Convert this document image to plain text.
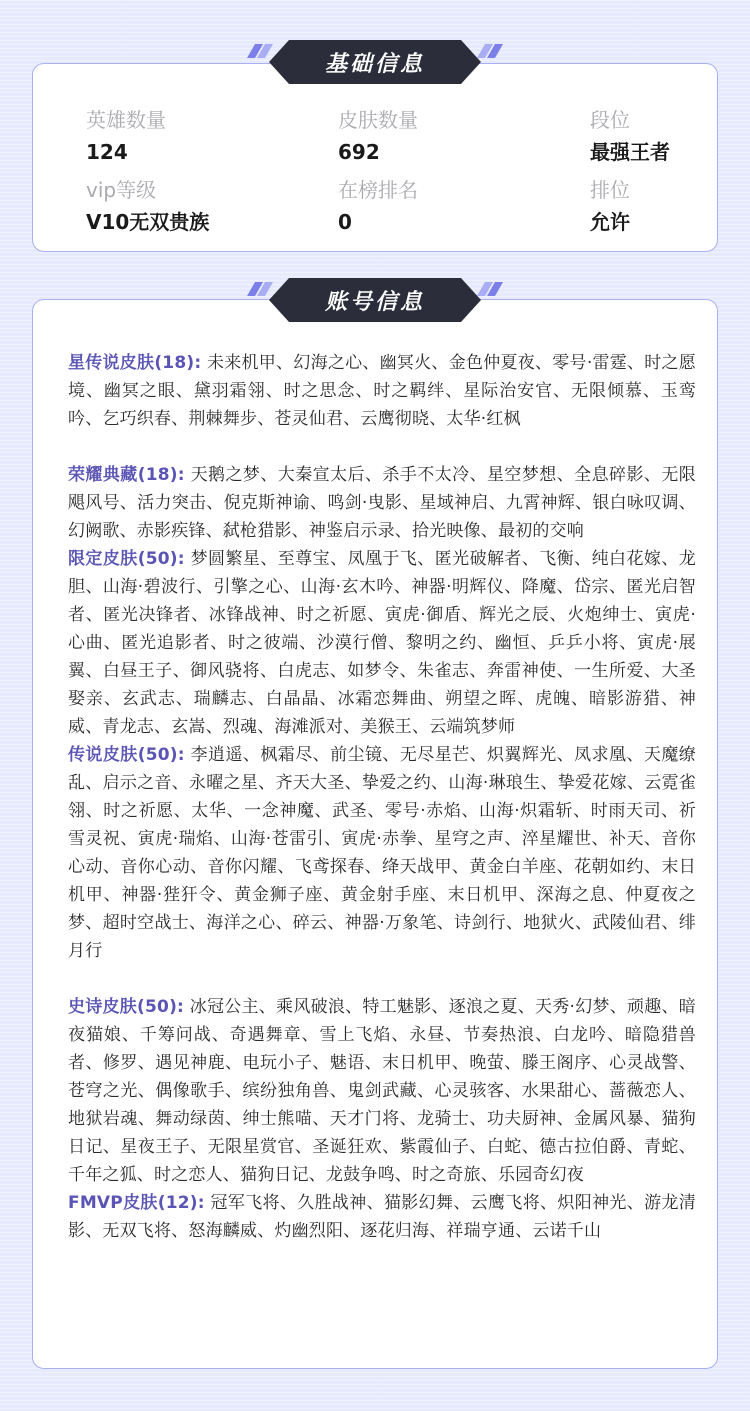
英雄数量
124
皮肤数量
692
段位
最强王者
vip等级
V10无双贵族
在榜排名
0
排位
允许
基础信息
星传说皮肤(18): 未来机甲、幻海之心、幽冥火、金色仲夏夜、零号·雷霆、时之愿境、幽冥之眼、黛羽霜翎、时之思念、时之羁绊、星际治安官、无限倾慕、玉鸾吟、乞巧织春、荆棘舞步、苍灵仙君、云鹰彻晓、太华·红枫
荣耀典藏(18): 天鹅之梦、大秦宣太后、杀手不太冷、星空梦想、全息碎影、无限飓风号、活力突击、倪克斯神谕、鸣剑·曳影、星域神启、九霄神辉、银白咏叹调、幻阙歌、赤影疾锋、弑枪猎影、神鉴启示录、拾光映像、最初的交响
限定皮肤(50): 梦圆繁星、至尊宝、凤凰于飞、匿光破解者、飞衡、纯白花嫁、龙胆、山海·碧波行、引擎之心、山海·玄木吟、神器·明辉仪、降魔、岱宗、匿光启智者、匿光决锋者、冰锋战神、时之祈愿、寅虎·御盾、辉光之辰、火炮绅士、寅虎·心曲、匿光追影者、时之彼端、沙漠行僧、黎明之约、幽恒、乒乒小将、寅虎·展翼、白昼王子、御风骁将、白虎志、如梦令、朱雀志、奔雷神使、一生所爱、大圣娶亲、玄武志、瑞麟志、白晶晶、冰霜恋舞曲、朔望之晖、虎魄、暗影游猎、神威、青龙志、玄嵩、烈魂、海滩派对、美猴王、云端筑梦师
传说皮肤(50): 李逍遥、枫霜尽、前尘镜、无尽星芒、炽翼辉光、凤求凰、天魔缭乱、启示之音、永曜之星、齐天大圣、挚爱之约、山海·琳琅生、挚爱花嫁、云霓雀翎、时之祈愿、太华、一念神魔、武圣、零号·赤焰、山海·炽霜斩、时雨天司、祈雪灵祝、寅虎·瑞焰、山海·苍雷引、寅虎·赤拳、星穹之声、淬星耀世、补天、音你心动、音你心动、音你闪耀、飞鸢探春、绛天战甲、黄金白羊座、花朝如约、末日机甲、神器·狴犴令、黄金狮子座、黄金射手座、末日机甲、深海之息、仲夏夜之梦、超时空战士、海洋之心、碎云、神器·万象笔、诗剑行、地狱火、武陵仙君、绯月行
史诗皮肤(50): 冰冠公主、乘风破浪、特工魅影、逐浪之夏、天秀·幻梦、顽趣、暗夜猫娘、千筹问战、奇遇舞章、雪上飞焰、永昼、节奏热浪、白龙吟、暗隐猎兽者、修罗、遇见神鹿、电玩小子、魅语、末日机甲、晚萤、滕王阁序、心灵战警、苍穹之光、偶像歌手、缤纷独角兽、鬼剑武藏、心灵骇客、水果甜心、蔷薇恋人、地狱岩魂、舞动绿茵、绅士熊喵、天才门将、龙骑士、功夫厨神、金属风暴、猫狗日记、星夜王子、无限星赏官、圣诞狂欢、紫霞仙子、白蛇、德古拉伯爵、青蛇、千年之狐、时之恋人、猫狗日记、龙鼓争鸣、时之奇旅、乐园奇幻夜
FMVP皮肤(12): 冠军飞将、久胜战神、猫影幻舞、云鹰飞将、炽阳神光、游龙清影、无双飞将、怒海麟威、灼幽烈阳、逐花归海、祥瑞亨通、云诺千山
账号信息
